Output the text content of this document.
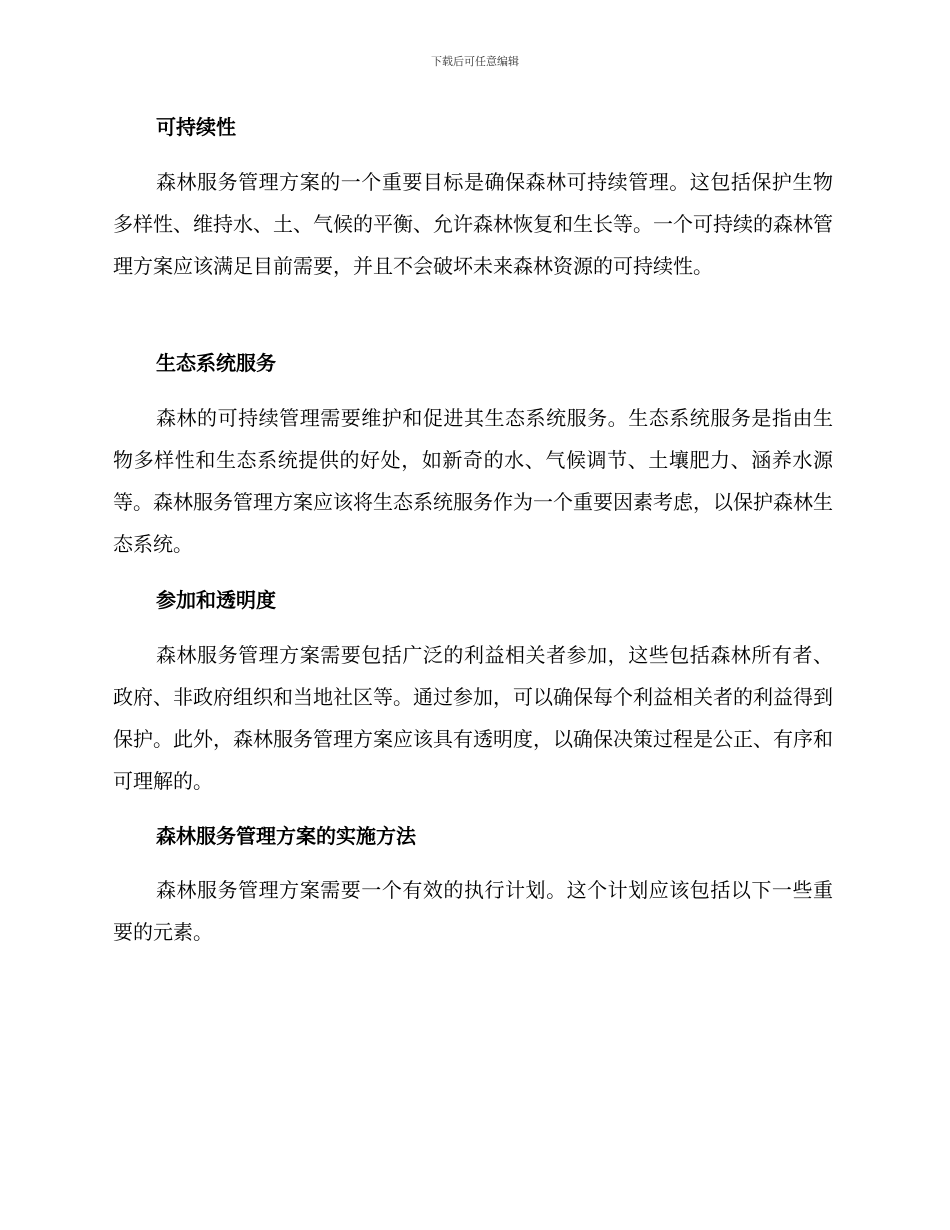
下载后可任意编辑
可持续性

森林服务管理方案的一个重要目标是确保森林可持续管理。这包括保护生物多样性、维持水、土、气候的平衡、允许森林恢复和生长等。一个可持续的森林管理方案应该满足目前需要，并且不会破坏未来森林资源的可持续性。

生态系统服务

森林的可持续管理需要维护和促进其生态系统服务。生态系统服务是指由生物多样性和生态系统提供的好处，如新奇的水、气候调节、土壤肥力、涵养水源等。森林服务管理方案应该将生态系统服务作为一个重要因素考虑，以保护森林生态系统。

参加和透明度

森林服务管理方案需要包括广泛的利益相关者参加，这些包括森林所有者、政府、非政府组织和当地社区等。通过参加，可以确保每个利益相关者的利益得到保护。此外，森林服务管理方案应该具有透明度，以确保决策过程是公正、有序和可理解的。

森林服务管理方案的实施方法

森林服务管理方案需要一个有效的执行计划。这个计划应该包括以下一些重要的元素。
